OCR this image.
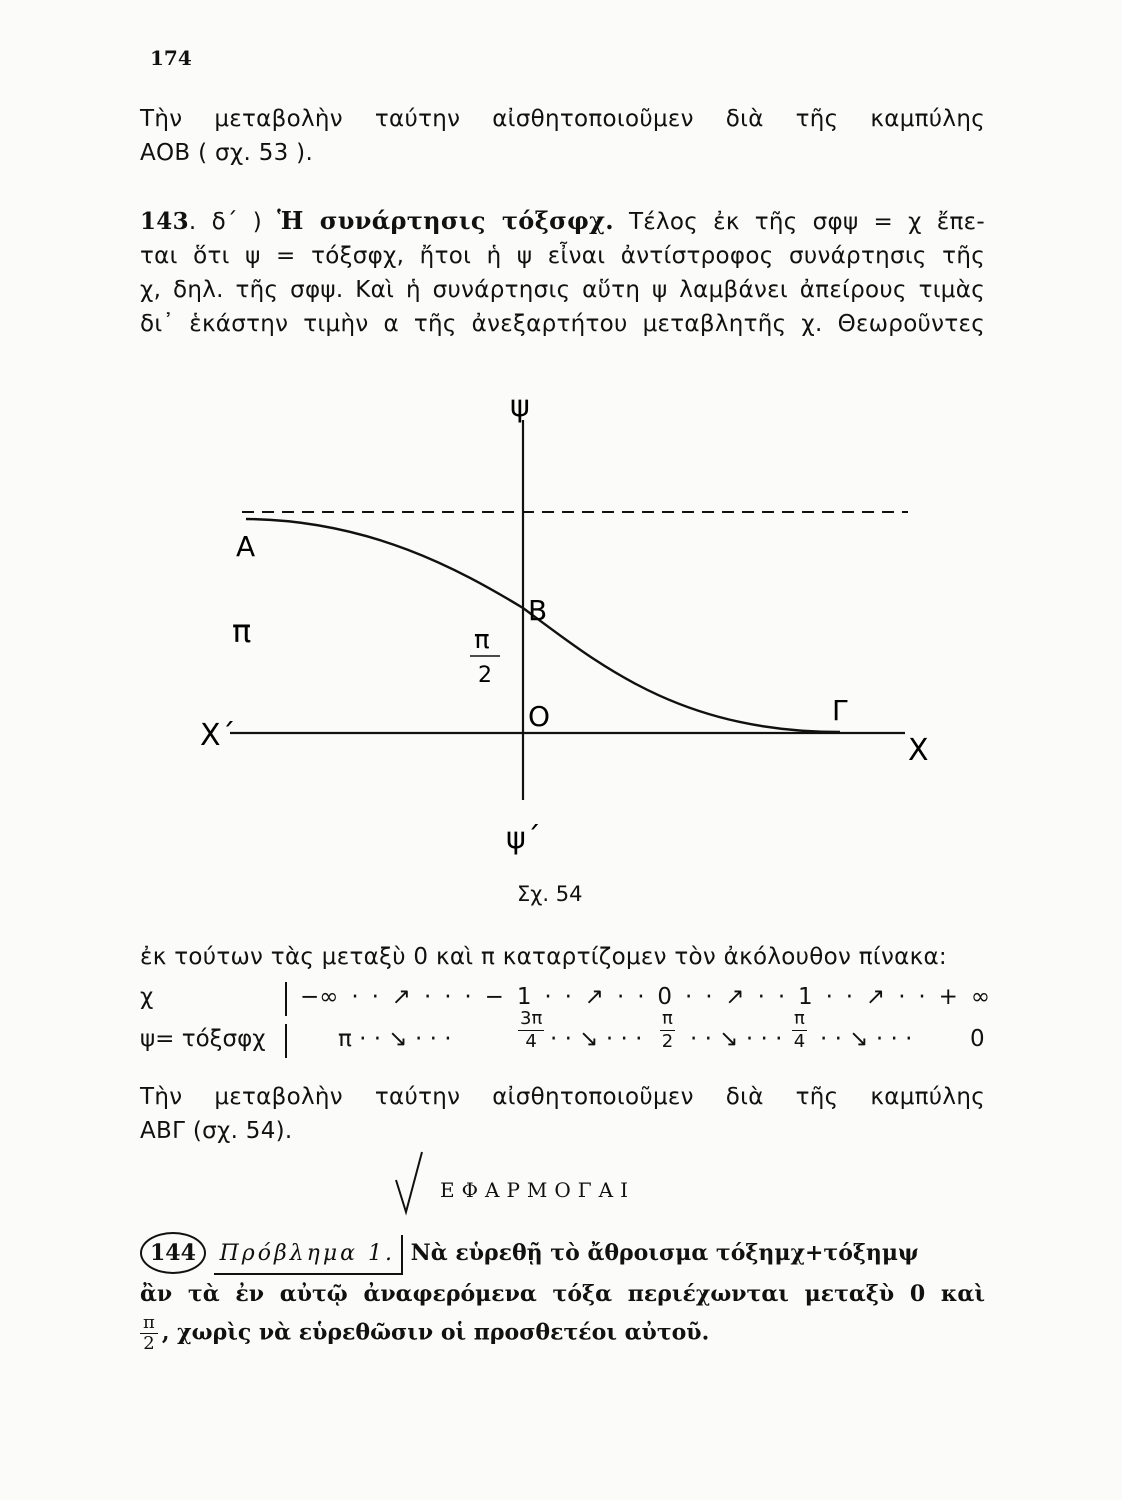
174
Τὴν μεταβολὴν ταύτην αἰσθητοποιοῦμεν διὰ τῆς καμπύλης
ΑΟΒ ( σχ. 53 ).
143. δ΄ ) Ἡ συνάρτησις τόξσφχ. Τέλος ἐκ τῆς σφψ = χ ἔπε-
ται ὅτι ψ = τόξσφχ, ἤτοι ἡ ψ εἶναι ἀντίστροφος συνάρτησις τῆς
χ, δηλ. τῆς σφψ. Καὶ ἡ συνάρτησις αὕτη ψ λαμβάνει ἀπείρους τιμὰς
δι᾽ ἑκάστην τιμὴν α τῆς ἀνεξαρτήτου μεταβλητῆς χ. Θεωροῦντες
ψ
ψ΄
Χ
Χ΄
Α
Β
Ο	Γ
π	π
2
Σχ. 54
ἐκ τούτων τὰς μεταξὺ 0 καὶ π καταρτίζομεν τὸν ἀκόλουθον πίνακα:
χ	−∞ · · ↗ · · · − 1 · · ↗ · · 0 · · ↗ · · 1 · · ↗ · · + ∞
ψ= τόξσφχ	π · · ↘ · · ·	$\frac{3\pi}{4}$ · · ↘ · · · $\frac{\pi}{2}$ · · ↘ · · · $\frac{\pi}{4}$ · · ↘ · · ·	0
Τὴν μεταβολὴν ταύτην αἰσθητοποιοῦμεν διὰ τῆς καμπύλης
ΑΒΓ (σχ. 54).
ΕΦΑΡΜΟΓΑΙ
144 Πρόβλημα 1. Νὰ εὑρεθῇ τὸ ἄθροισμα τόξημχ+τόξημψ
ἂν τὰ ἐν αὐτῷ ἀναφερόμενα τόξα περιέχωνται μεταξὺ 0 καὶ
$\frac{\pi}{2}$ , χωρὶς νὰ εὑρεθῶσιν οἱ προσθετέοι αὐτοῦ.
